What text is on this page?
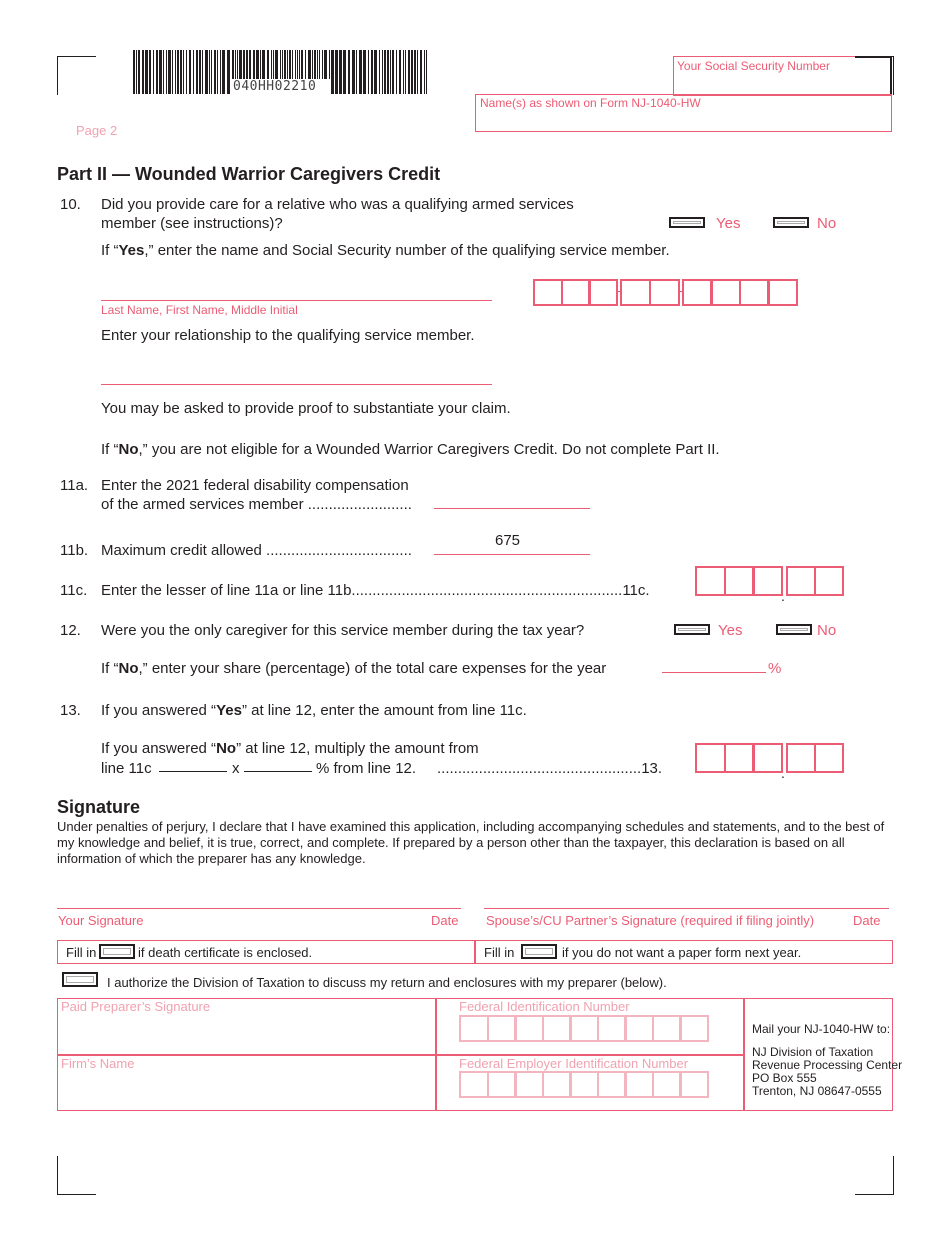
040HH02210
Page 2
Your Social Security Number
Name(s) as shown on Form NJ-1040-HW
Part II — Wounded Warrior Caregivers Credit
10. Did you provide care for a relative who was a qualifying armed services
member (see instructions)?	Yes	No
If “Yes,” enter the name and Social Security number of the qualifying service member.
Last Name, First Name, Middle Initial
Enter your relationship to the qualifying service member.
You may be asked to provide proof to substantiate your claim.
If “No,” you are not eligible for a Wounded Warrior Caregivers Credit. Do not complete Part II.
11a. Enter the 2021 federal disability compensation
of the armed services member .........................
11b. Maximum credit allowed ...................................
675
11c. Enter the lesser of line 11a or line 11b.................................................................11c.	.
12. Were you the only caregiver for this service member during the tax year?	Yes	No
If “No,” enter your share (percentage) of the total care expenses for the year	%
13. If you answered “Yes” at line 12, enter the amount from line 11c.
If you answered “No” at line 12, multiply the amount from
line 11c	x	% from line 12. .................................................13.	.
Signature
Under penalties of perjury, I declare that I have examined this application, including accompanying schedules and statements, and to the best of my knowledge and belief, it is true, correct, and complete. If prepared by a person other than the taxpayer, this declaration is based on all information of which the preparer has any knowledge.
Your Signature	Date Spouse’s/CU Partner’s Signature (required if filing jointly)	Date
Fill in	if death certificate is enclosed.	Fill in	if you do not want a paper form next year.
I authorize the Division of Taxation to discuss my return and enclosures with my preparer (below).
Paid Preparer’s Signature	Federal Identification Number
Firm’s Name	Federal Employer Identification Number
Mail your NJ-1040-HW to:
NJ Division of Taxation
Revenue Processing Center
PO Box 555
Trenton, NJ 08647-0555
